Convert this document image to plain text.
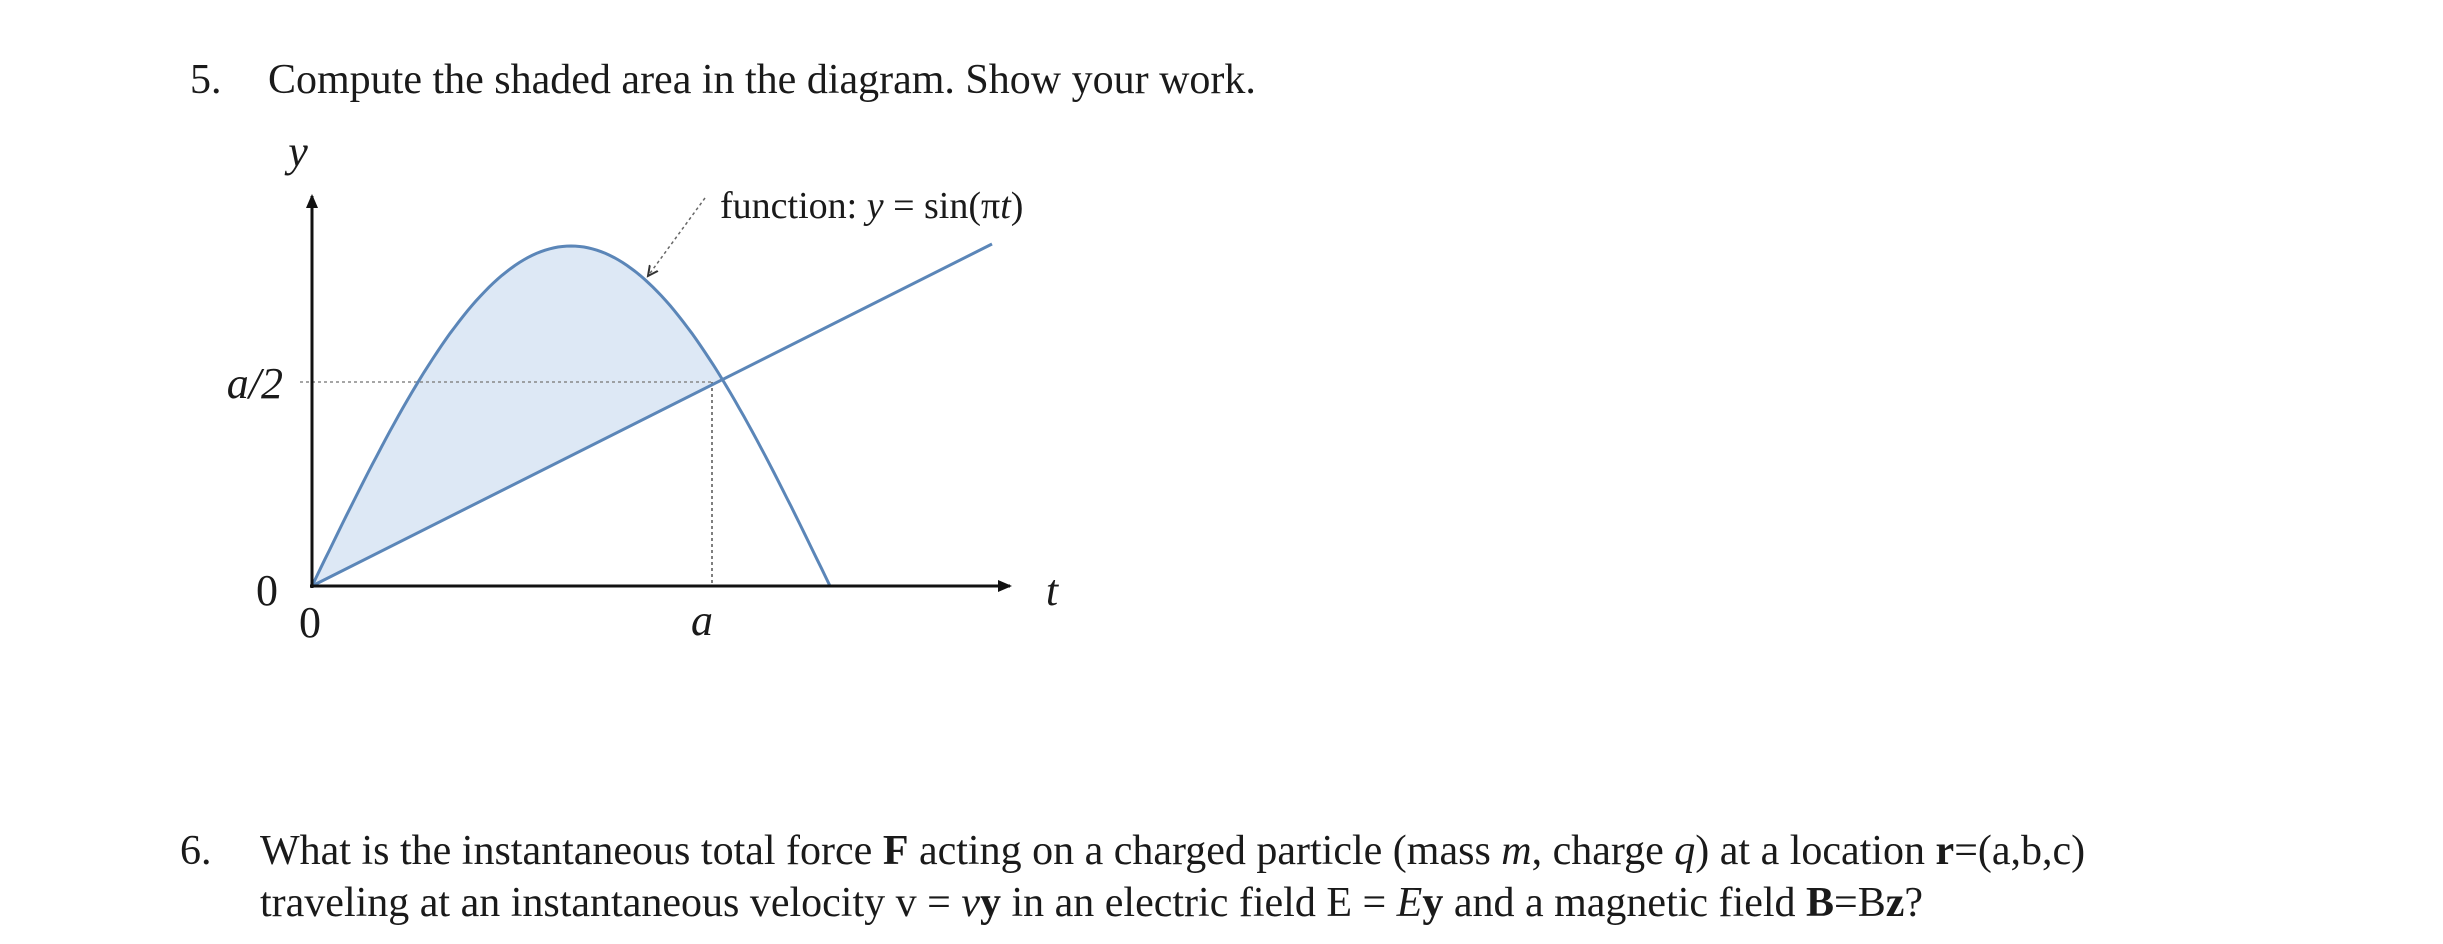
5. Compute the shaded area in the diagram. Show your work.
y
t
a/2
0
0	a
function: y = sin(πt)
6. What is the instantaneous total force F acting on a charged particle (mass m, charge q) at a location r=(a,b,c)
traveling at an instantaneous velocity v = vy in an electric field E = Ey and a magnetic field B=Bz?
